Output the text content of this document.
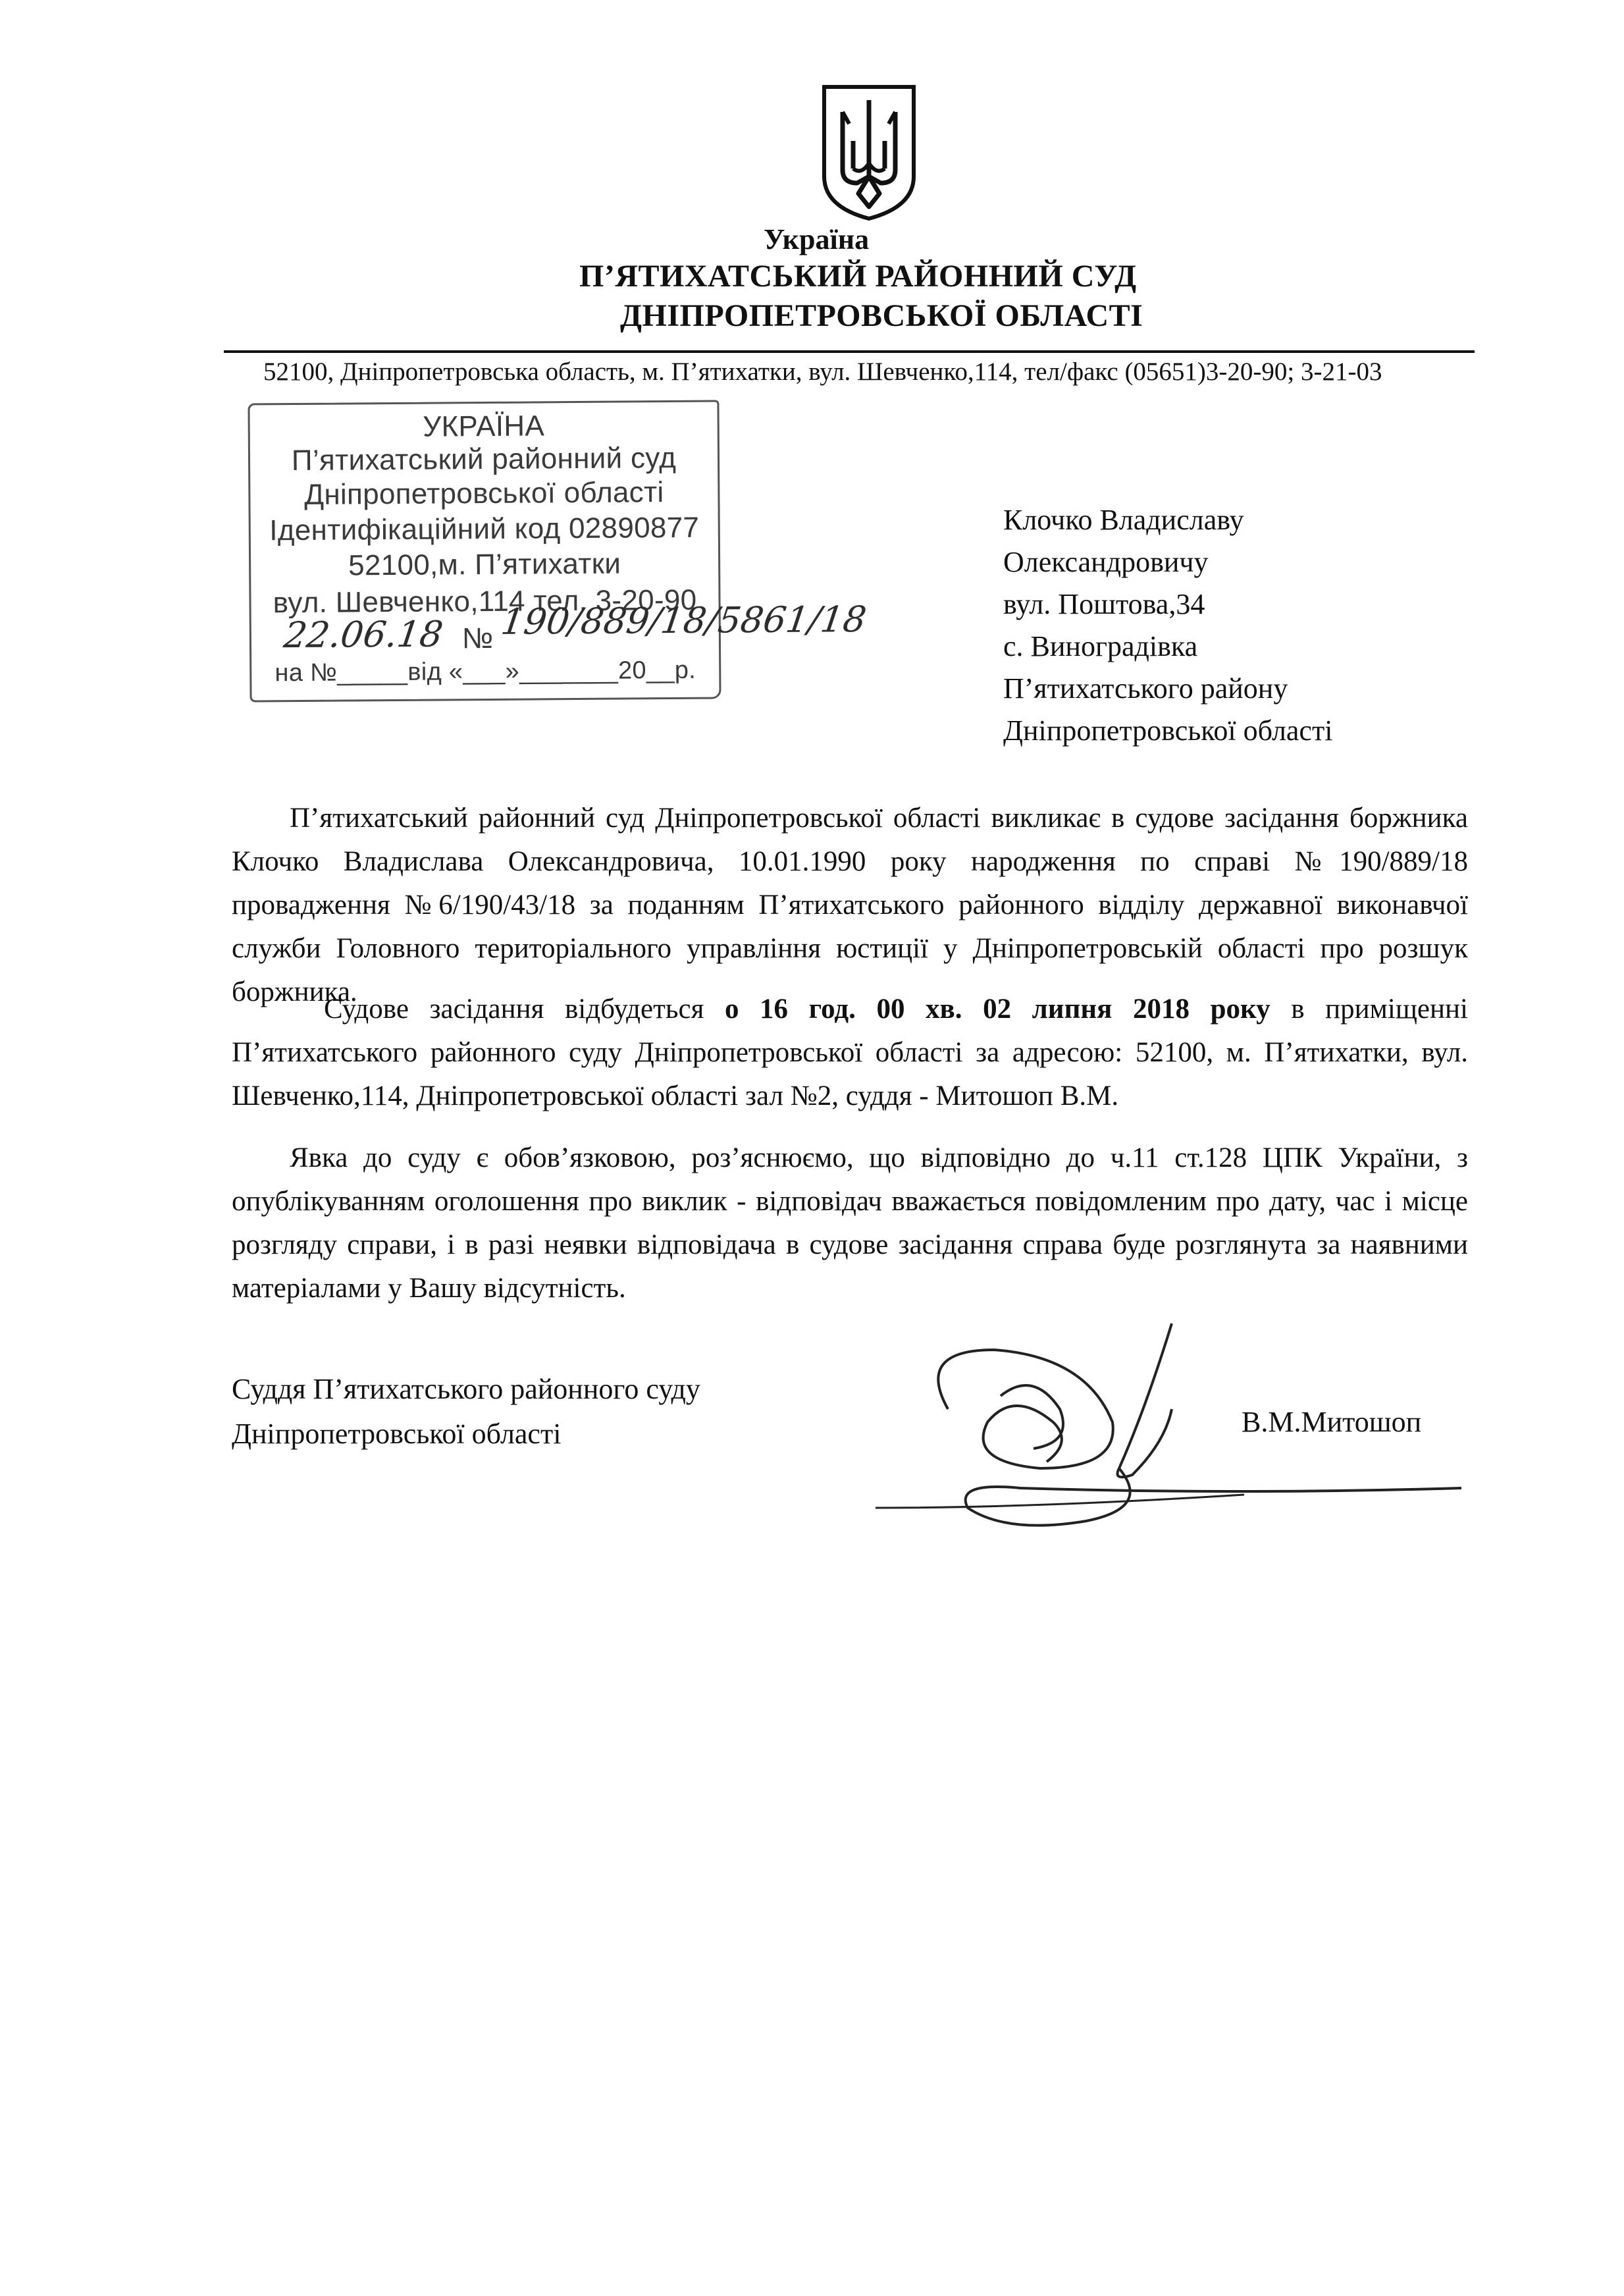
Україна
П’ЯТИХАТСЬКИЙ РАЙОННИЙ СУД
ДНІПРОПЕТРОВСЬКОЇ ОБЛАСТІ
52100, Дніпропетровська область, м. П’ятихатки, вул. Шевченко,114, тел/факс (05651)3-20-90; 3-21-03
УКРАЇНА
П’ятихатський районний суд
Дніпропетровської області
Ідентифікаційний код 02890877
52100,м. П’ятихатки
вул. Шевченко,114 тел. 3-20-90
22.06.18 № 190/889/18/5861/18
на №_____від «___»_______20__р.
Клочко Владиславу
Олександровичу
вул. Поштова,34
с. Виноградівка
П’ятихатського району
Дніпропетровської області
П’ятихатський районний суд Дніпропетровської області викликає в судове засідання боржника Клочко Владислава Олександровича, 10.01.1990 року народження по справі №190/889/18 провадження №6/190/43/18 за поданням П’ятихатського районного відділу державної виконавчої служби Головного територіального управління юстиції у Дніпропетровській області про розшук боржника.
Судове засідання відбудеться о 16 год. 00 хв. 02 липня 2018 року в приміщенні П’ятихатського районного суду Дніпропетровської області за адресою: 52100, м. П’ятихатки, вул. Шевченко,114, Дніпропетровської області зал №2, суддя - Митошоп В.М.
Явка до суду є обов’язковою, роз’яснюємо, що відповідно до ч.11 ст.128 ЦПК України, з опублікуванням оголошення про виклик - відповідач вважається повідомленим про дату, час і місце розгляду справи, і в разі неявки відповідача в судове засідання справа буде розглянута за наявними матеріалами у Вашу відсутність.
Суддя П’ятихатського районного суду
Дніпропетровської області	В.М.Митошоп
